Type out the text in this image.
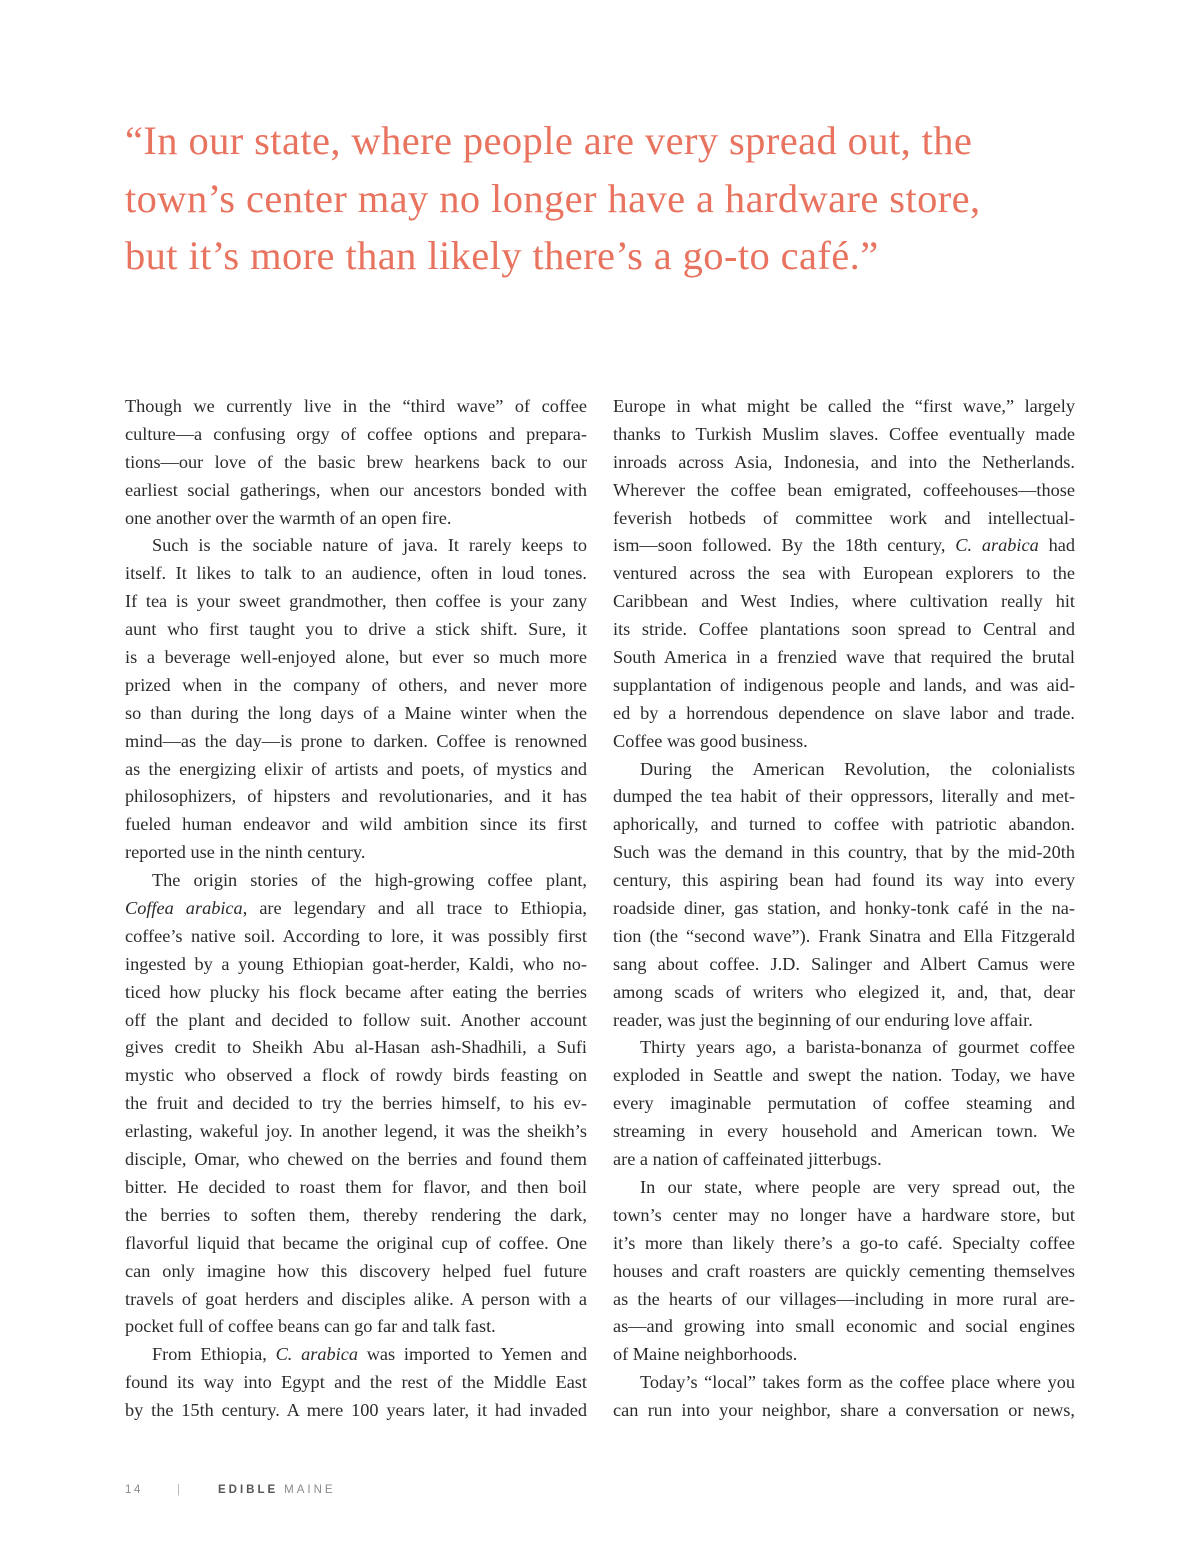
“In our state, where people are very spread out, the
town’s center may no longer have a hardware store,
but it’s more than likely there’s a go-to café.”
Though we currently live in the “third wave” of coffee
culture—a confusing orgy of coffee options and prepara-
tions—our love of the basic brew hearkens back to our
earliest social gatherings, when our ancestors bonded with
one another over the warmth of an open fire.
Such is the sociable nature of java. It rarely keeps to
itself. It likes to talk to an audience, often in loud tones.
If tea is your sweet grandmother, then coffee is your zany
aunt who first taught you to drive a stick shift. Sure, it
is a beverage well-enjoyed alone, but ever so much more
prized when in the company of others, and never more
so than during the long days of a Maine winter when the
mind—as the day—is prone to darken. Coffee is renowned
as the energizing elixir of artists and poets, of mystics and
philosophizers, of hipsters and revolutionaries, and it has
fueled human endeavor and wild ambition since its first
reported use in the ninth century.
The origin stories of the high-growing coffee plant,
Coffea arabica, are legendary and all trace to Ethiopia,
coffee’s native soil. According to lore, it was possibly first
ingested by a young Ethiopian goat-herder, Kaldi, who no-
ticed how plucky his flock became after eating the berries
off the plant and decided to follow suit. Another account
gives credit to Sheikh Abu al-Hasan ash-Shadhili, a Sufi
mystic who observed a flock of rowdy birds feasting on
the fruit and decided to try the berries himself, to his ev-
erlasting, wakeful joy. In another legend, it was the sheikh’s
disciple, Omar, who chewed on the berries and found them
bitter. He decided to roast them for flavor, and then boil
the berries to soften them, thereby rendering the dark,
flavorful liquid that became the original cup of coffee. One
can only imagine how this discovery helped fuel future
travels of goat herders and disciples alike. A person with a
pocket full of coffee beans can go far and talk fast.
From Ethiopia, C. arabica was imported to Yemen and
found its way into Egypt and the rest of the Middle East
by the 15th century. A mere 100 years later, it had invaded
Europe in what might be called the “first wave,” largely
thanks to Turkish Muslim slaves. Coffee eventually made
inroads across Asia, Indonesia, and into the Netherlands.
Wherever the coffee bean emigrated, coffeehouses—those
feverish hotbeds of committee work and intellectual-
ism—soon followed. By the 18th century, C. arabica had
ventured across the sea with European explorers to the
Caribbean and West Indies, where cultivation really hit
its stride. Coffee plantations soon spread to Central and
South America in a frenzied wave that required the brutal
supplantation of indigenous people and lands, and was aid-
ed by a horrendous dependence on slave labor and trade.
Coffee was good business.
During the American Revolution, the colonialists
dumped the tea habit of their oppressors, literally and met-
aphorically, and turned to coffee with patriotic abandon.
Such was the demand in this country, that by the mid-20th
century, this aspiring bean had found its way into every
roadside diner, gas station, and honky-tonk café in the na-
tion (the “second wave”). Frank Sinatra and Ella Fitzgerald
sang about coffee. J.D. Salinger and Albert Camus were
among scads of writers who elegized it, and, that, dear
reader, was just the beginning of our enduring love affair.
Thirty years ago, a barista-bonanza of gourmet coffee
exploded in Seattle and swept the nation. Today, we have
every imaginable permutation of coffee steaming and
streaming in every household and American town. We
are a nation of caffeinated jitterbugs.
In our state, where people are very spread out, the
town’s center may no longer have a hardware store, but
it’s more than likely there’s a go-to café. Specialty coffee
houses and craft roasters are quickly cementing themselves
as the hearts of our villages—including in more rural are-
as—and growing into small economic and social engines
of Maine neighborhoods.
Today’s “local” takes form as the coffee place where you
can run into your neighbor, share a conversation or news,
14	|	EDIBLE MAINE
